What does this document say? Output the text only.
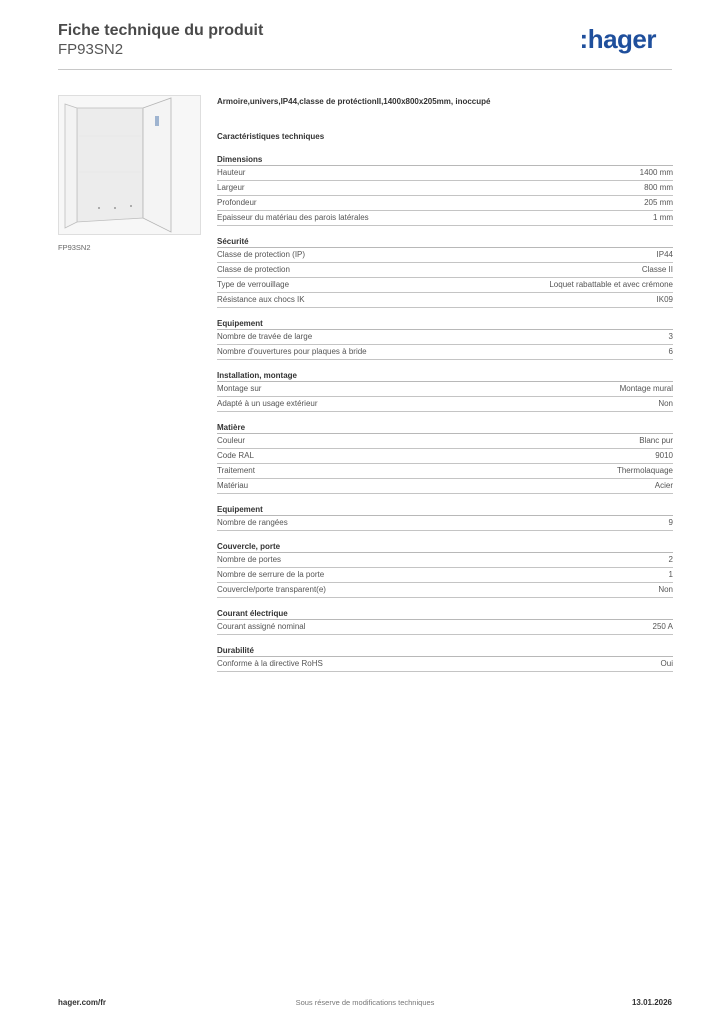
Fiche technique du produit
FP93SN2	:hager
FP93SN2
Armoire,univers,IP44,classe de protéctionII,1400x800x205mm, inoccupé
Caractéristiques techniques
Dimensions
Hauteur	1400 mm
Largeur	800 mm
Profondeur	205 mm
Epaisseur du matériau des parois latérales	1 mm
Sécurité
Classe de protection (IP)	IP44
Classe de protection	Classe II
Type de verrouillage	Loquet rabattable et avec crémone
Résistance aux chocs IK	IK09
Equipement
Nombre de travée de large	3
Nombre d'ouvertures pour plaques à bride	6
Installation, montage
Montage sur	Montage mural
Adapté à un usage extérieur	Non
Matière
Couleur	Blanc pur
Code RAL	9010
Traitement	Thermolaquage
Matériau	Acier
Equipement
Nombre de rangées	9
Couvercle, porte
Nombre de portes	2
Nombre de serrure de la porte	1
Couvercle/porte transparent(e)	Non
Courant électrique
Courant assigné nominal	250 A
Durabilité
Conforme à la directive RoHS	Oui
hager.com/fr	Sous réserve de modifications techniques	13.01.2026
